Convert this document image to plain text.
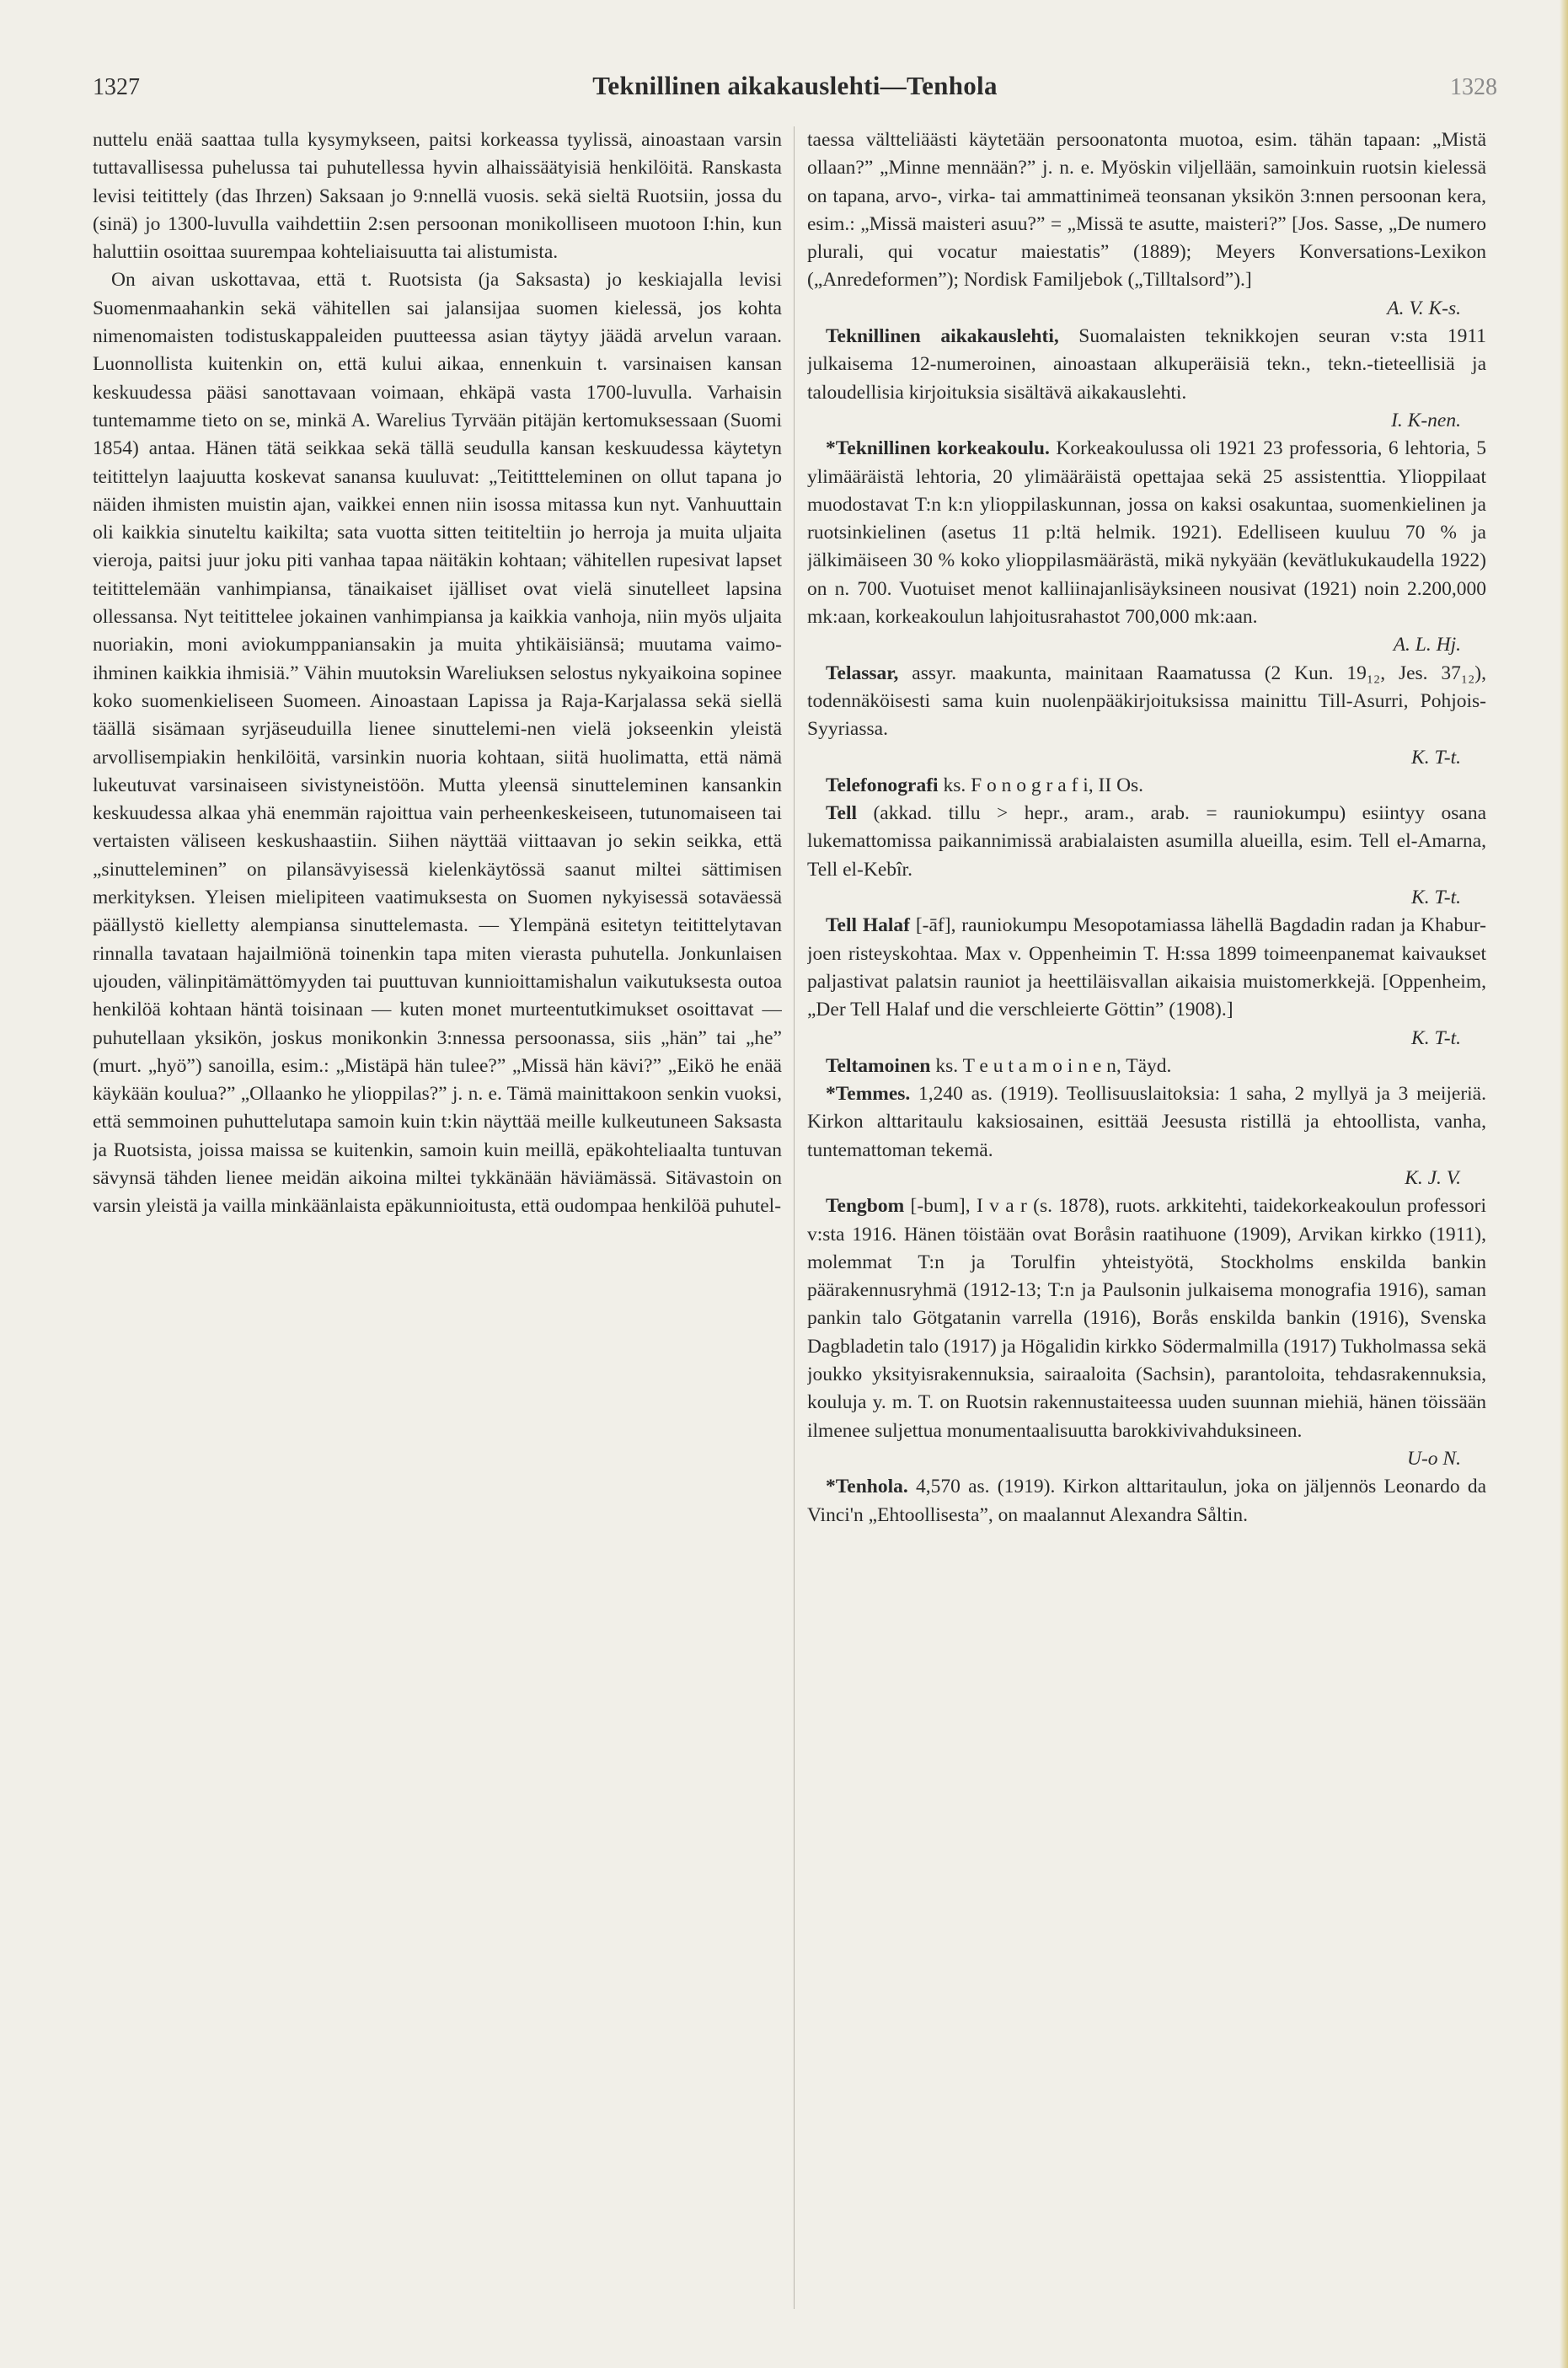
1327	Teknillinen aikakauslehti—Tenhola	1328

nuttelu enää saattaa tulla kysymykseen, paitsi korkeassa tyylissä, ainoastaan varsin tuttavallisessa puhelussa tai puhutellessa hyvin alhaissäätyisiä henkilöitä. Ranskasta levisi teitittely (das Ihrzen) Saksaan jo 9:nnellä vuosis. sekä sieltä Ruotsiin, jossa du (sinä) jo 1300-luvulla vaihdettiin 2:sen persoonan monikolliseen muotoon I:hin, kun haluttiin osoittaa suurempaa kohteliaisuutta tai alistumista.

On aivan uskottavaa, että t. Ruotsista (ja Saksasta) jo keskiajalla levisi Suomenmaahankin sekä vähitellen sai jalansijaa suomen kielessä, jos kohta nimenomaisten todistuskappaleiden puutteessa asian täytyy jäädä arvelun varaan. Luonnollista kuitenkin on, että kului aikaa, ennenkuin t. varsinaisen kansan keskuudessa pääsi sanottavaan voimaan, ehkäpä vasta 1700-luvulla. Varhaisin tuntemamme tieto on se, minkä A. Warelius Tyrvään pitäjän kertomuksessaan (Suomi 1854) antaa. Hänen tätä seikkaa sekä tällä seudulla kansan keskuudessa käytetyn teitittelyn laajuutta koskevat sanansa kuuluvat: „Teitittteleminen on ollut tapana jo näiden ihmisten muistin ajan, vaikkei ennen niin isossa mitassa kun nyt. Vanhuuttain oli kaikkia sinuteltu kaikilta; sata vuotta sitten teititeltiin jo herroja ja muita uljaita vieroja, paitsi juur joku piti vanhaa tapaa näitäkin kohtaan; vähitellen rupesivat lapset teitittelemään vanhimpiansa, tänaikaiset ijälliset ovat vielä sinutelleet lapsina ollessansa. Nyt teitittelee jokainen vanhimpiansa ja kaikkia vanhoja, niin myös uljaita nuoriakin, moni aviokumppaniansakin ja muita yhtikäisiänsä; muutama vaimo-ihminen kaikkia ihmisiä.” Vähin muutoksin Wareliuksen selostus nykyaikoina sopinee koko suomenkieliseen Suomeen. Ainoastaan Lapissa ja Raja-Karjalassa sekä siellä täällä sisämaan syrjäseuduilla lienee sinuttelemi-nen vielä jokseenkin yleistä arvollisempiakin henkilöitä, varsinkin nuoria kohtaan, siitä huolimatta, että nämä lukeutuvat varsinaiseen sivistyneistöön. Mutta yleensä sinutteleminen kansankin keskuudessa alkaa yhä enemmän rajoittua vain perheenkeskeiseen, tutunomaiseen tai vertaisten väliseen keskushaastiin. Siihen näyttää viittaavan jo sekin seikka, että „sinutteleminen” on pilansävyisessä kielenkäytössä saanut miltei sättimisen merkityksen. Yleisen mielipiteen vaatimuksesta on Suomen nykyisessä sotaväessä päällystö kielletty alempiansa sinuttelemasta. — Ylempänä esitetyn teitittelytavan rinnalla tavataan hajailmiönä toinenkin tapa miten vierasta puhutella. Jonkunlaisen ujouden, välinpitämättömyyden tai puuttuvan kunnioittamishalun vaikutuksesta outoa henkilöä kohtaan häntä toisinaan — kuten monet murteentutkimukset osoittavat — puhutellaan yksikön, joskus monikonkin 3:nnessa persoonassa, siis „hän” tai „he” (murt. „hyö”) sanoilla, esim.: „Mistäpä hän tulee?” „Missä hän kävi?” „Eikö he enää käykään koulua?” „Ollaanko he ylioppilas?” j. n. e. Tämä mainittakoon senkin vuoksi, että semmoinen puhuttelutapa samoin kuin t:kin näyttää meille kulkeutuneen Saksasta ja Ruotsista, joissa maissa se kuitenkin, samoin kuin meillä, epäkohteliaalta tuntuvan sävynsä tähden lienee meidän aikoina miltei tykkänään häviämässä. Sitävastoin on varsin yleistä ja vailla minkäänlaista epäkunnioitusta, että oudompaa henkilöä puhutel-

taessa vältteliäästi käytetään persoonatonta muotoa, esim. tähän tapaan: „Mistä ollaan?” „Minne mennään?” j. n. e. Myöskin viljellään, samoinkuin ruotsin kielessä on tapana, arvo-, virka- tai ammattinimeä teonsanan yksikön 3:nnen persoonan kera, esim.: „Missä maisteri asuu?” = „Missä te asutte, maisteri?” [Jos. Sasse, „De numero plurali, qui vocatur maiestatis” (1889); Meyers Konversations-Lexikon („Anredeformen”); Nordisk Familjebok („Tilltalsord”).]
A. V. K-s.

Teknillinen aikakauslehti, Suomalaisten teknikkojen seuran v:sta 1911 julkaisema 12-numeroinen, ainoastaan alkuperäisiä tekn., tekn.-tieteellisiä ja taloudellisia kirjoituksia sisältävä aikakauslehti.
I. K-nen.

*Teknillinen korkeakoulu. Korkeakoulussa oli 1921 23 professoria, 6 lehtoria, 5 ylimääräistä lehtoria, 20 ylimääräistä opettajaa sekä 25 assistenttia. Ylioppilaat muodostavat T:n k:n ylioppilaskunnan, jossa on kaksi osakuntaa, suomenkielinen ja ruotsinkielinen (asetus 11 p:ltä helmik. 1921). Edelliseen kuuluu 70 % ja jälkimäiseen 30 % koko ylioppilasmäärästä, mikä nykyään (kevätlukukaudella 1922) on n. 700. Vuotuiset menot kalliinajanlisäyksineen nousivat (1921) noin 2.200,000 mk:aan, korkeakoulun lahjoitusrahastot 700,000 mk:aan.
A. L. Hj.

Telassar, assyr. maakunta, mainitaan Raamatussa (2 Kun. 19₁₂, Jes. 37₁₂), todennäköisesti sama kuin nuolenpääkirjoituksissa mainittu Till-Asurri, Pohjois-Syyriassa.
K. T-t.

Telefonografi ks. F o n o g r a f i, II Os.

Tell (akkad. tillu > hepr., aram., arab. = rauniokumpu) esiintyy osana lukemattomissa paikannimissä arabialaisten asumilla alueilla, esim. Tell el-Amarna, Tell el-Kebîr.
K. T-t.

Tell Halaf [-āf], rauniokumpu Mesopotamiassa lähellä Bagdadin radan ja Khabur-joen risteyskohtaa. Max v. Oppenheimin T. H:ssa 1899 toimeenpanemat kaivaukset paljastivat palatsin rauniot ja heettiläisvallan aikaisia muistomerkkejä. [Oppenheim, „Der Tell Halaf und die verschleierte Göttin” (1908).]
K. T-t.

Teltamoinen ks. T e u t a m o i n e n, Täyd.

*Temmes. 1,240 as. (1919). Teollisuuslaitoksia: 1 saha, 2 myllyä ja 3 meijeriä. Kirkon alttaritaulu kaksiosainen, esittää Jeesusta ristillä ja ehtoollista, vanha, tuntemattoman tekemä.
K. J. V.

Tengbom [-bum], I v a r (s. 1878), ruots. arkkitehti, taidekorkeakoulun professori v:sta 1916. Hänen töistään ovat Boråsin raatihuone (1909), Arvikan kirkko (1911), molemmat T:n ja Torulfin yhteistyötä, Stockholms enskilda bankin päärakennusryhmä (1912-13; T:n ja Paulsonin julkaisema monografia 1916), saman pankin talo Götgatanin varrella (1916), Borås enskilda bankin (1916), Svenska Dagbladetin talo (1917) ja Högalidin kirkko Södermalmilla (1917) Tukholmassa sekä joukko yksityisrakennuksia, sairaaloita (Sachsin), parantoloita, tehdasrakennuksia, kouluja y. m. T. on Ruotsin rakennustaiteessa uuden suunnan miehiä, hänen töissään ilmenee suljettua monumentaalisuutta barokkivivahduksineen.
U-o N.

*Tenhola. 4,570 as. (1919). Kirkon alttaritaulun, joka on jäljennös Leonardo da Vinci'n „Ehtoollisesta”, on maalannut Alexandra Såltin.
